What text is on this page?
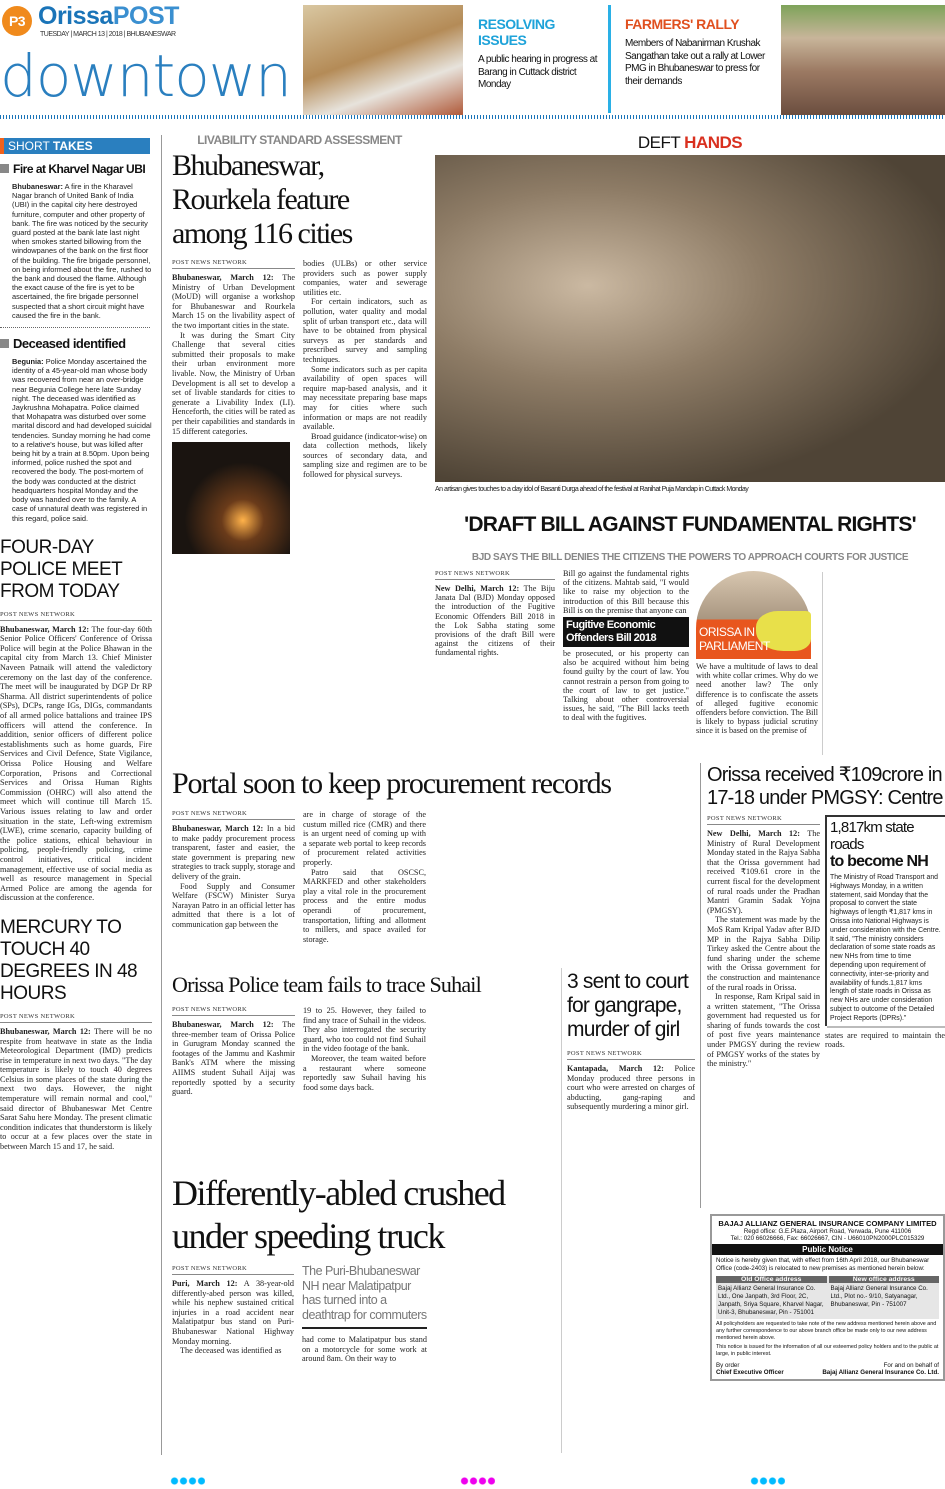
P3 OrissaPOST
TUESDAY | MARCH 13 | 2018 | BHUBANESWAR
downtown
RESOLVING ISSUES
A public hearing in progress at Barang in Cuttack district Monday
FARMERS' RALLY
Members of Nabanirman Krushak Sangathan take out a rally at Lower PMG in Bhubaneswar to press for their demands
SHORT TAKES
Fire at Kharvel Nagar UBI
Bhubaneswar: A fire in the Kharavel Nagar branch of United Bank of India (UBI) in the capital city here destroyed furniture, computer and other property of bank. The fire was noticed by the security guard posted at the bank late last night when smokes started billowing from the windowpanes of the bank on the first floor of the building. The fire brigade personnel, on being informed about the fire, rushed to the bank and doused the flame. Although the exact cause of the fire is yet to be ascertained, the fire brigade personnel suspected that a short circuit might have caused the fire in the bank.
Deceased identified
Begunia: Police Monday ascertained the identity of a 45-year-old man whose body was recovered from near an over-bridge near Begunia College here late Sunday night. The deceased was identified as Jaykrushna Mohapatra. Police claimed that Mohapatra was disturbed over some marital discord and had developed suicidal tendencies. Sunday morning he had come to a relative's house, but was killed after being hit by a train at 8.50pm. Upon being informed, police rushed the spot and recovered the body. The post-mortem of the body was conducted at the district headquarters hospital Monday and the body was handed over to the family. A case of unnatural death was registered in this regard, police said.
FOUR-DAY POLICE MEET FROM TODAY
POST NEWS NETWORK
Bhubaneswar, March 12: The four-day 60th Senior Police Officers' Conference of Orissa Police will begin at the Police Bhawan in the capital city from March 13. Chief Minister Naveen Patnaik will attend the valedictory ceremony on the last day of the conference. The meet will be inaugurated by DGP Dr RP Sharma. All district superintendents of police (SPs), DCPs, range IGs, DIGs, commandants of all armed police battalions and trainee IPS officers will attend the conference. In addition, senior officers of different police establishments such as home guards, Fire Services and Civil Defence, State Vigilance, Orissa Police Housing and Welfare Corporation, Prisons and Correctional Services and Orissa Human Rights Commission (OHRC) will also attend the meet which will continue till March 15. Various issues relating to law and order situation in the state, Left-wing extremism (LWE), crime scenario, capacity building of the police stations, ethical behaviour in policing, people-friendly policing, crime control initiatives, critical incident management, effective use of social media as well as resource management in Special Armed Police are among the agenda for discussion at the conference.
MERCURY TO TOUCH 40 DEGREES IN 48 HOURS
POST NEWS NETWORK
Bhubaneswar, March 12: There will be no respite from heatwave in state as the India Meteorological Department (IMD) predicts rise in temperature in next two days. "The day temperature is likely to touch 40 degrees Celsius in some places of the state during the next two days. However, the night temperature will remain normal and cool," said director of Bhubaneswar Met Centre Sarat Sahu here Monday. The present climatic condition indicates that thunderstorm is likely to occur at a few places over the state in between March 15 and 17, he said.
LIVABILITY STANDARD ASSESSMENT
Bhubaneswar, Rourkela feature among 116 cities
POST NEWS NETWORK

Bhubaneswar, March 12: The Ministry of Urban Development (MoUD) will organise a workshop for Bhubaneswar and Rourkela March 15 on the livability aspect of the two important cities in the state.

It was during the Smart City Challenge that several cities submitted their proposals to make their urban environment more livable. Now, the Ministry of Urban Development is all set to develop a set of livable standards for cities to generate a Livability Index (LI). Henceforth, the cities will be rated as per their capabilities and standards in 15 different categories.

bodies (ULBs) or other service providers such as power supply companies, water and sewerage utilities etc.

For certain indicators, such as pollution, water quality and modal split of urban transport etc., data will have to be obtained from physical surveys as per standards and prescribed survey and sampling techniques.

Some indicators such as per capita availability of open spaces will require map-based analysis, and it may necessitate preparing base maps may for cities where such information or maps are not readily available.

Broad guidance (indicator-wise) on data collection methods, likely sources of secondary data, and sampling size and regimen are to be followed for physical surveys.

DEFT HANDS
An artisan gives touches to a clay idol of Basanti Durga ahead of the festival at Ranihat Puja Mandap in Cuttack Monday
'DRAFT BILL AGAINST FUNDAMENTAL RIGHTS'
BJD SAYS THE BILL DENIES THE CITIZENS THE POWERS TO APPROACH COURTS FOR JUSTICE
POST NEWS NETWORK
New Delhi, March 12: The Biju Janata Dal (BJD) Monday opposed the introduction of the Fugitive Economic Offenders Bill 2018 in the Lok Sabha stating some provisions of the draft Bill were against the citizens of their fundamental rights.
Bill go against the fundamental rights of the citizens. Mahtab said, "I would like to raise my objection to the introduction of this Bill because this Bill is on the premise that anyone can
Fugitive Economic Offenders Bill 2018
be prosecuted, or his property can also be acquired without him being found guilty by the court of law. You cannot restrain a person from going to the court of law to get justice." Talking about other controversial issues, he said, "The Bill lacks teeth to deal with the fugitives.
ORISSA IN PARLIAMENT
We have a multitude of laws to deal with white collar crimes. Why do we need another law? The only difference is to confiscate the assets of alleged fugitive economic offenders before conviction. The Bill is likely to bypass judicial scrutiny since it is based on the premise of
Portal soon to keep procurement records
POST NEWS NETWORK

Bhubaneswar, March 12: In a bid to make paddy procurement process transparent, faster and easier, the state government is preparing new strategies to track supply, storage and delivery of the grain.

Food Supply and Consumer Welfare (FSCW) Minister Surya Narayan Patro in an official letter has admitted that there is a lot of communication gap between the

are in charge of storage of the custum milled rice (CMR) and there is an urgent need of coming up with a separate web portal to keep records of procurement related activities properly.

Patro said that OSCSC, MARKFED and other stakeholders play a vital role in the procurement process and the entire modus operandi of procurement, transportation, lifting and allotment to millers, and space availed for storage.

Orissa received ₹109crore in 17-18 under PMGSY: Centre
POST NEWS NETWORK

New Delhi, March 12: The Ministry of Rural Development Monday stated in the Rajya Sabha that the Orissa government had received ₹109.61 crore in the current fiscal for the development of rural roads under the Pradhan Mantri Gramin Sadak Yojna (PMGSY).

The statement was made by the MoS Ram Kripal Yadav after BJD MP in the Rajya Sabha Dilip Tirkey asked the Centre about the fund sharing under the scheme with the Orissa government for the construction and maintenance of the rural roads in Orissa.

In response, Ram Kripal said in a written statement, "The Orissa government had requested us for sharing of funds towards the cost of post five years maintenance under PMGSY during the review of PMGSY works of the states by the ministry."

1,817km state roads
to become NH
The Ministry of Road Transport and Highways Monday, in a written statement, said Monday that the proposal to convert the state highways of length ₹1,817 kms in Orissa into National Highways is under consideration with the Centre. It said, "The ministry considers declaration of some state roads as new NHs from time to time depending upon requirement of connectivity, inter-se-priority and availability of funds.1,817 kms length of state roads in Orissa as new NHs are under consideration subject to outcome of the Detailed Project Reports (DPRs)."
states are required to maintain the roads.
Orissa Police team fails to trace Suhail
POST NEWS NETWORK
Bhubaneswar, March 12: The three-member team of Orissa Police in Gurugram Monday scanned the footages of the Jammu and Kashmir Bank's ATM where the missing AIIMS student Suhail Aijaj was reportedly spotted by a security guard.

19 to 25. However, they failed to find any trace of Suhail in the videos. They also interrogated the security guard, who too could not find Suhail in the video footage of the bank.

Moreover, the team waited before a restaurant where someone reportedly saw Suhail having his food some days back.

3 sent to court for gangrape, murder of girl
POST NEWS NETWORK
Kantapada, March 12: Police Monday produced three persons in court who were arrested on charges of abducting, gang-raping and subsequently murdering a minor girl.
Differently-abled crushed under speeding truck
POST NEWS NETWORK

Puri, March 12: A 38-year-old differently-abed person was killed, while his nephew sustained critical injuries in a road accident near Malatipatpur bus stand on Puri-Bhubaneswar National Highway Monday morning.

The deceased was identified as

The Puri-Bhubaneswar NH near Malatipatpur has turned into a deathtrap for commuters
had come to Malatipatpur bus stand on a motorcycle for some work at around 8am. On their way to
BAJAJ ALLIANZ GENERAL INSURANCE COMPANY LIMITED
Regd office: G.E.Plaza, Airport Road, Yerwada, Pune 411006
Tel.: 020 66026666, Fax: 66026667, CIN - U66010PN2000PLC015329
Public Notice
Notice is hereby given that, with effect from 16th April 2018, our Bhubaneswar Office (code-2403) is relocated to new premises as mentioned herein below:
Old Office address
Bajaj Allianz General Insurance Co. Ltd., One Janpath, 3rd Floor, 2C, Janpath, Sriya Square, Kharvel Nagar, Unit-3, Bhubaneswar, Pin - 751001
New office address
Bajaj Allianz General Insurance Co. Ltd., Plot no.- 9/10, Satyanagar, Bhubaneswar, Pin - 751007
All policyholders are requested to take note of the new address mentioned herein above and any further correspondence to our above branch office be made only to our new address mentioned herein above.
This notice is issued for the information of all our esteemed policy holders and to the public at large, in public interest.
By order
Chief Executive Officer
For and on behalf of
Bajaj Allianz General Insurance Co. Ltd.
